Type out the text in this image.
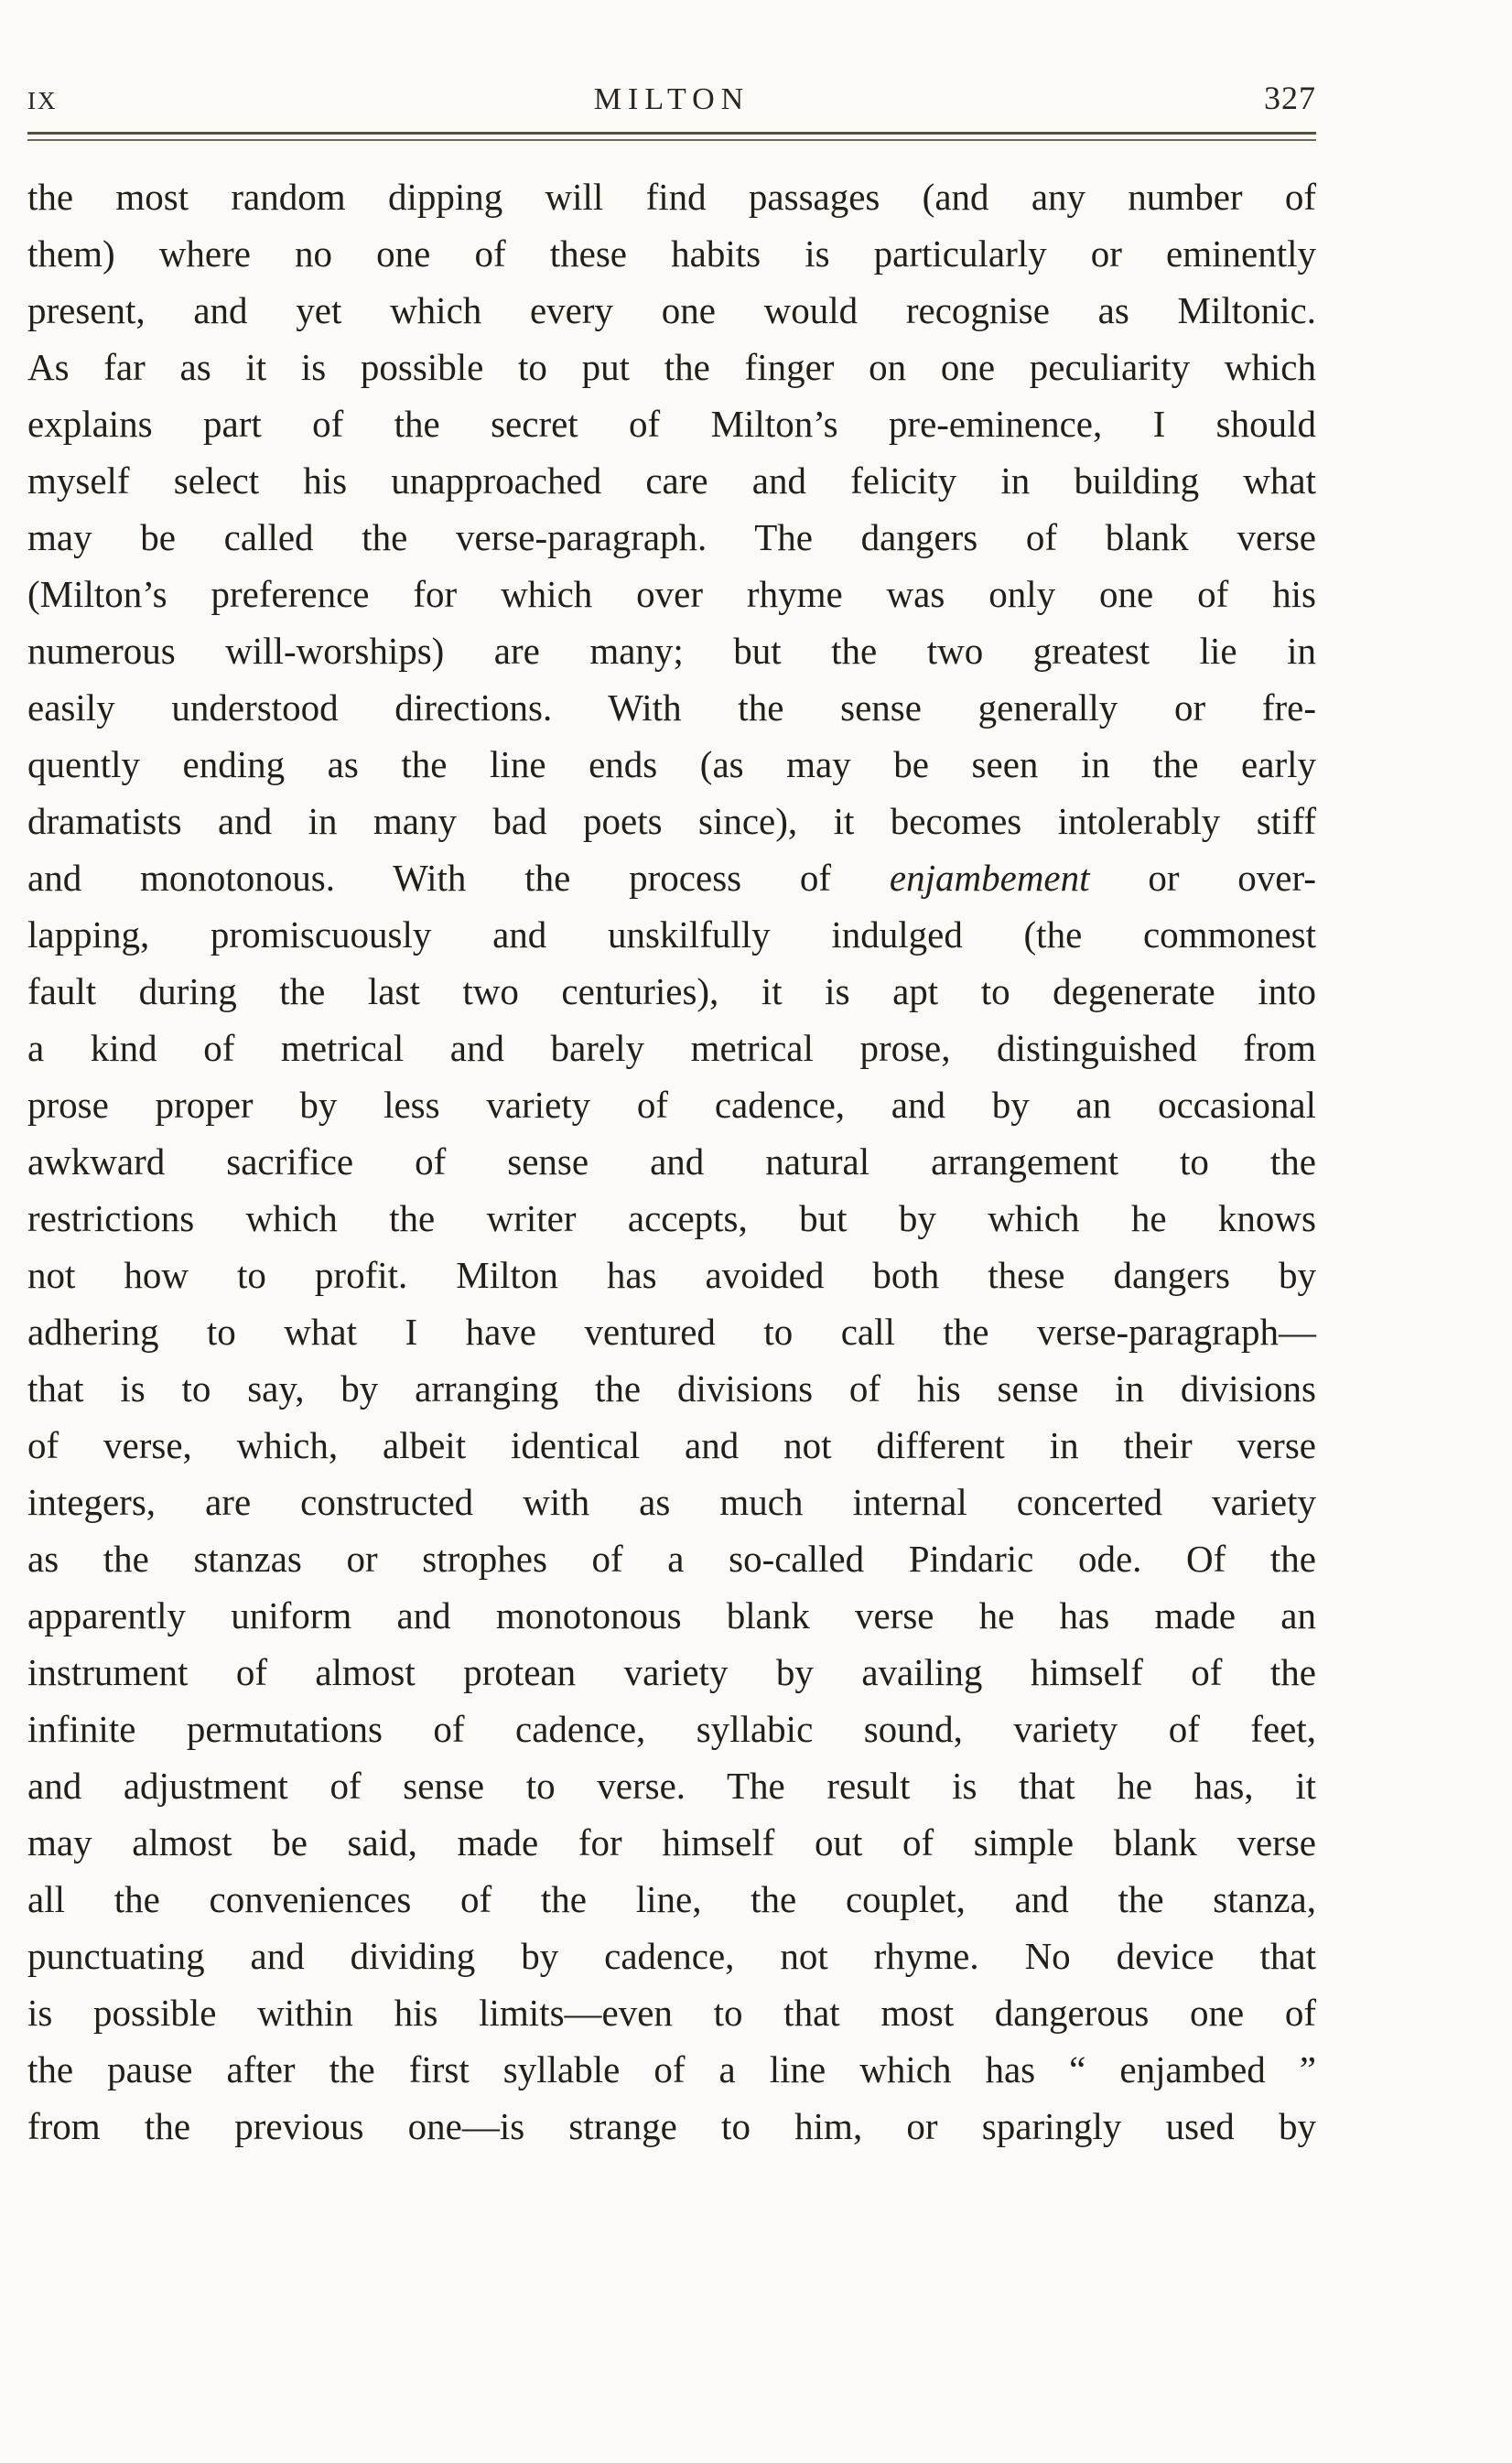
IX	MILTON	327
the most random dipping will find passages (and any number of
them) where no one of these habits is particularly or eminently
present, and yet which every one would recognise as Miltonic.
As far as it is possible to put the finger on one peculiarity which
explains part of the secret of Milton’s pre-eminence, I should
myself select his unapproached care and felicity in building what
may be called the verse-paragraph. The dangers of blank verse
(Milton’s preference for which over rhyme was only one of his
numerous will-worships) are many; but the two greatest lie in
easily understood directions. With the sense generally or fre-
quently ending as the line ends (as may be seen in the early
dramatists and in many bad poets since), it becomes intolerably stiff
and monotonous. With the process of enjambement or over-
lapping, promiscuously and unskilfully indulged (the commonest
fault during the last two centuries), it is apt to degenerate into
a kind of metrical and barely metrical prose, distinguished from
prose proper by less variety of cadence, and by an occasional
awkward sacrifice of sense and natural arrangement to the
restrictions which the writer accepts, but by which he knows
not how to profit. Milton has avoided both these dangers by
adhering to what I have ventured to call the verse-paragraph—
that is to say, by arranging the divisions of his sense in divisions
of verse, which, albeit identical and not different in their verse
integers, are constructed with as much internal concerted variety
as the stanzas or strophes of a so-called Pindaric ode. Of the
apparently uniform and monotonous blank verse he has made an
instrument of almost protean variety by availing himself of the
infinite permutations of cadence, syllabic sound, variety of feet,
and adjustment of sense to verse. The result is that he has, it
may almost be said, made for himself out of simple blank verse
all the conveniences of the line, the couplet, and the stanza,
punctuating and dividing by cadence, not rhyme. No device that
is possible within his limits—even to that most dangerous one of
the pause after the first syllable of a line which has “ enjambed ”
from the previous one—is strange to him, or sparingly used by
